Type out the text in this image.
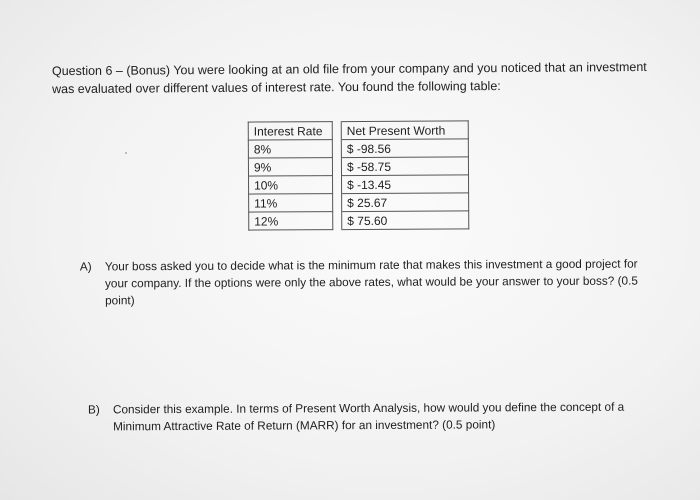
Question 6 – (Bonus) You were looking at an old file from your company and you noticed that an investment was evaluated over different values of interest rate. You found the following table:
Interest Rate		Net Present Worth
8%		$ -98.56
9%		$ -58.75
10%		$ -13.45
11%		$ 25.67
12%		$ 75.60
A) Your boss asked you to decide what is the minimum rate that makes this investment a good project for your company. If the options were only the above rates, what would be your answer to your boss? (0.5 point)
B) Consider this example. In terms of Present Worth Analysis, how would you define the concept of a Minimum Attractive Rate of Return (MARR) for an investment? (0.5 point)
